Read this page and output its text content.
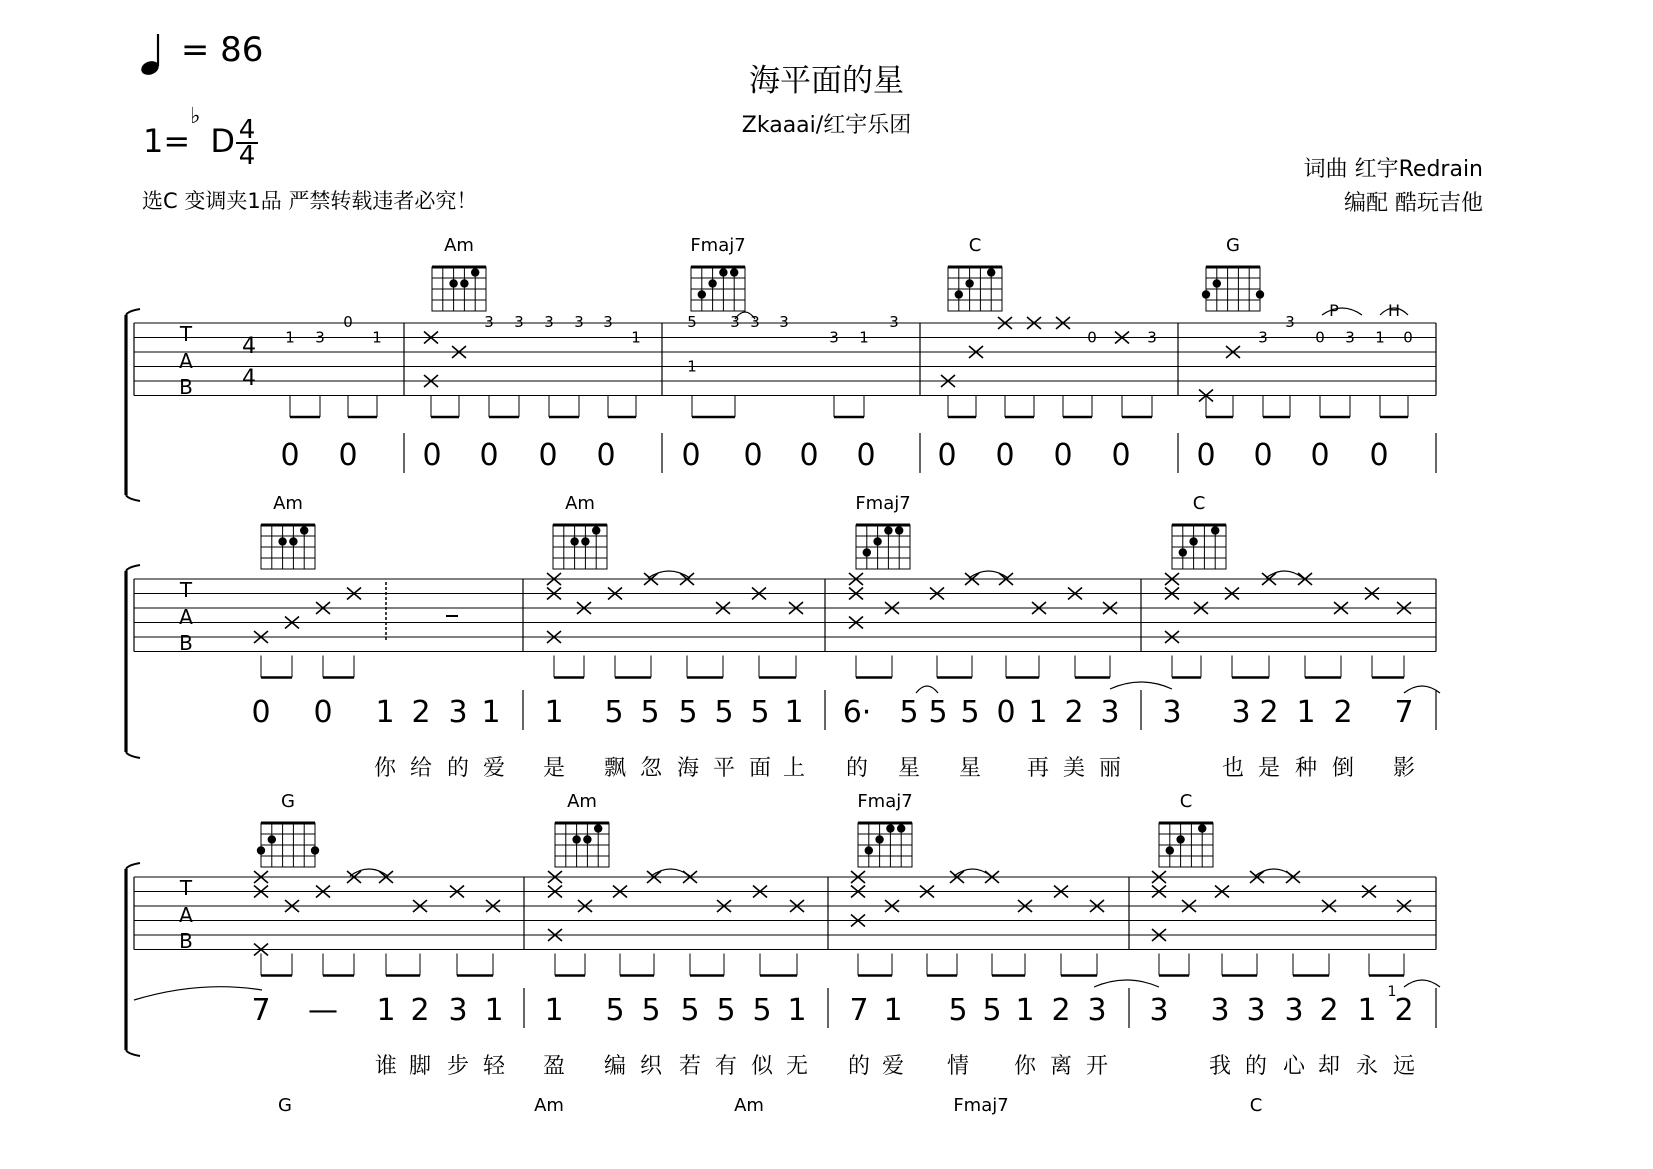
= 86
海平面的星
Zkaaai/红宇乐团
1=
♭
D 4
4
选C 变调夹1品 严禁转载违者必究！
词曲 红宇Redrain
编配 酷玩吉他
T
A
B
T
A
B
T
A
B
4
4
Am	Fmaj7	C	G
Am	Am	Fmaj7	C
G	Am	Fmaj7	C
G	Am	Am	Fmaj7	C
1 3
0
1
3 3 3 3 3
1
5 3 3 3
3 1
3
0	3	3
3
0 3 1 0
1
P	H
0 0 0 0 0 0 0 0 0 0 0 0 0 0 0 0 0 0
0 0 1 2 3 1 1 5 5 5 5 5 1 6· 5 5 5 0 1 2 3 3 3 2 1 2 7
7 — 1 2 3 1 1 5 5 5 5 5 1 7 1 5 5 1 2 3 3 3 3 3 2 1 2
1
你 给 的 爱 是 飘 忽 海 平 面 上 的 星 星 再 美 丽	也 是 种 倒 影
谁 脚 步 轻 盈 编 织 若 有 似 无 的 爱 情 你 离 开	我 的 心 却 永 远
